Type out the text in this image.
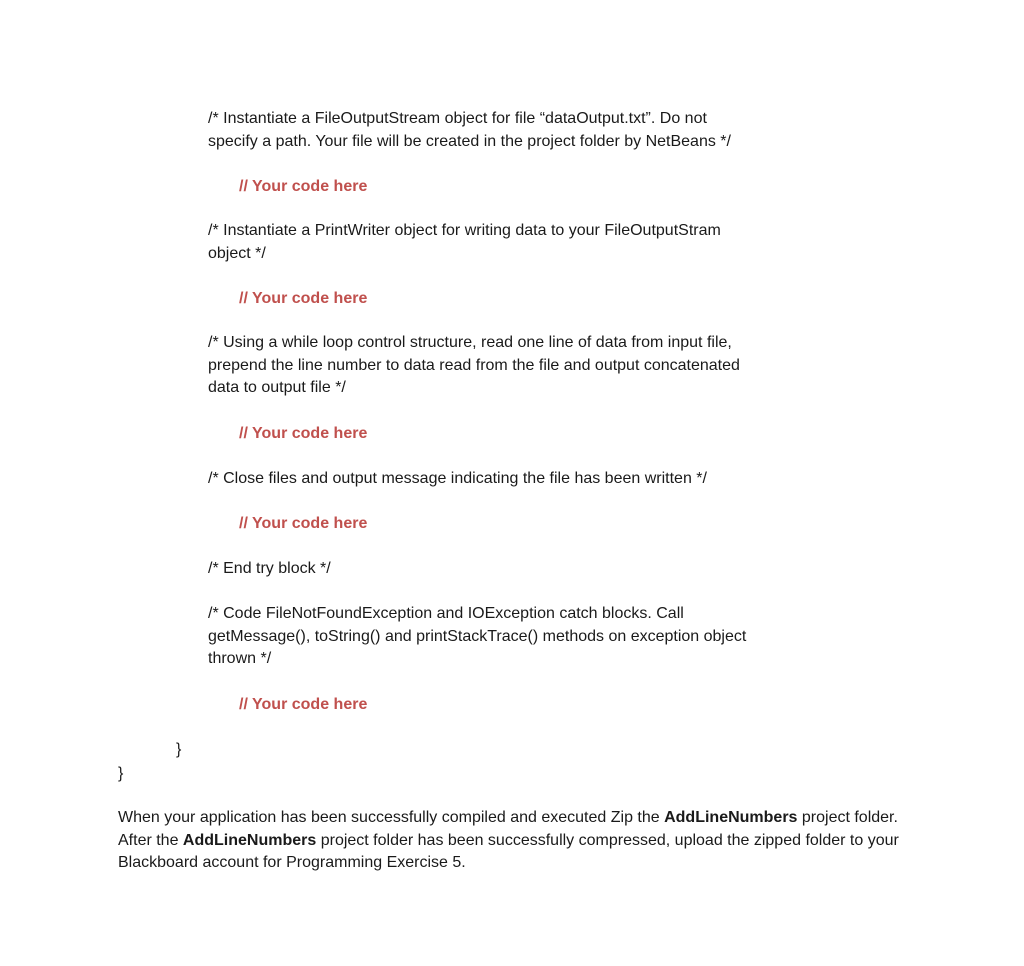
/* Instantiate a FileOutputStream object for file “dataOutput.txt”. Do not
specify a path. Your file will be created in the project folder by NetBeans */
// Your code here
/* Instantiate a PrintWriter object for writing data to your FileOutputStram
object */
// Your code here
/* Using a while loop control structure, read one line of data from input file,
prepend the line number to data read from the file and output concatenated
data to output file */
// Your code here
/* Close files and output message indicating the file has been written */
// Your code here
/* End try block */
/* Code FileNotFoundException and IOException catch blocks. Call
getMessage(), toString() and printStackTrace() methods on exception object
thrown */
// Your code here
}
}

When your application has been successfully compiled and executed Zip the AddLineNumbers project folder. After the AddLineNumbers project folder has been successfully compressed, upload the zipped folder to your Blackboard account for Programming Exercise 5.
